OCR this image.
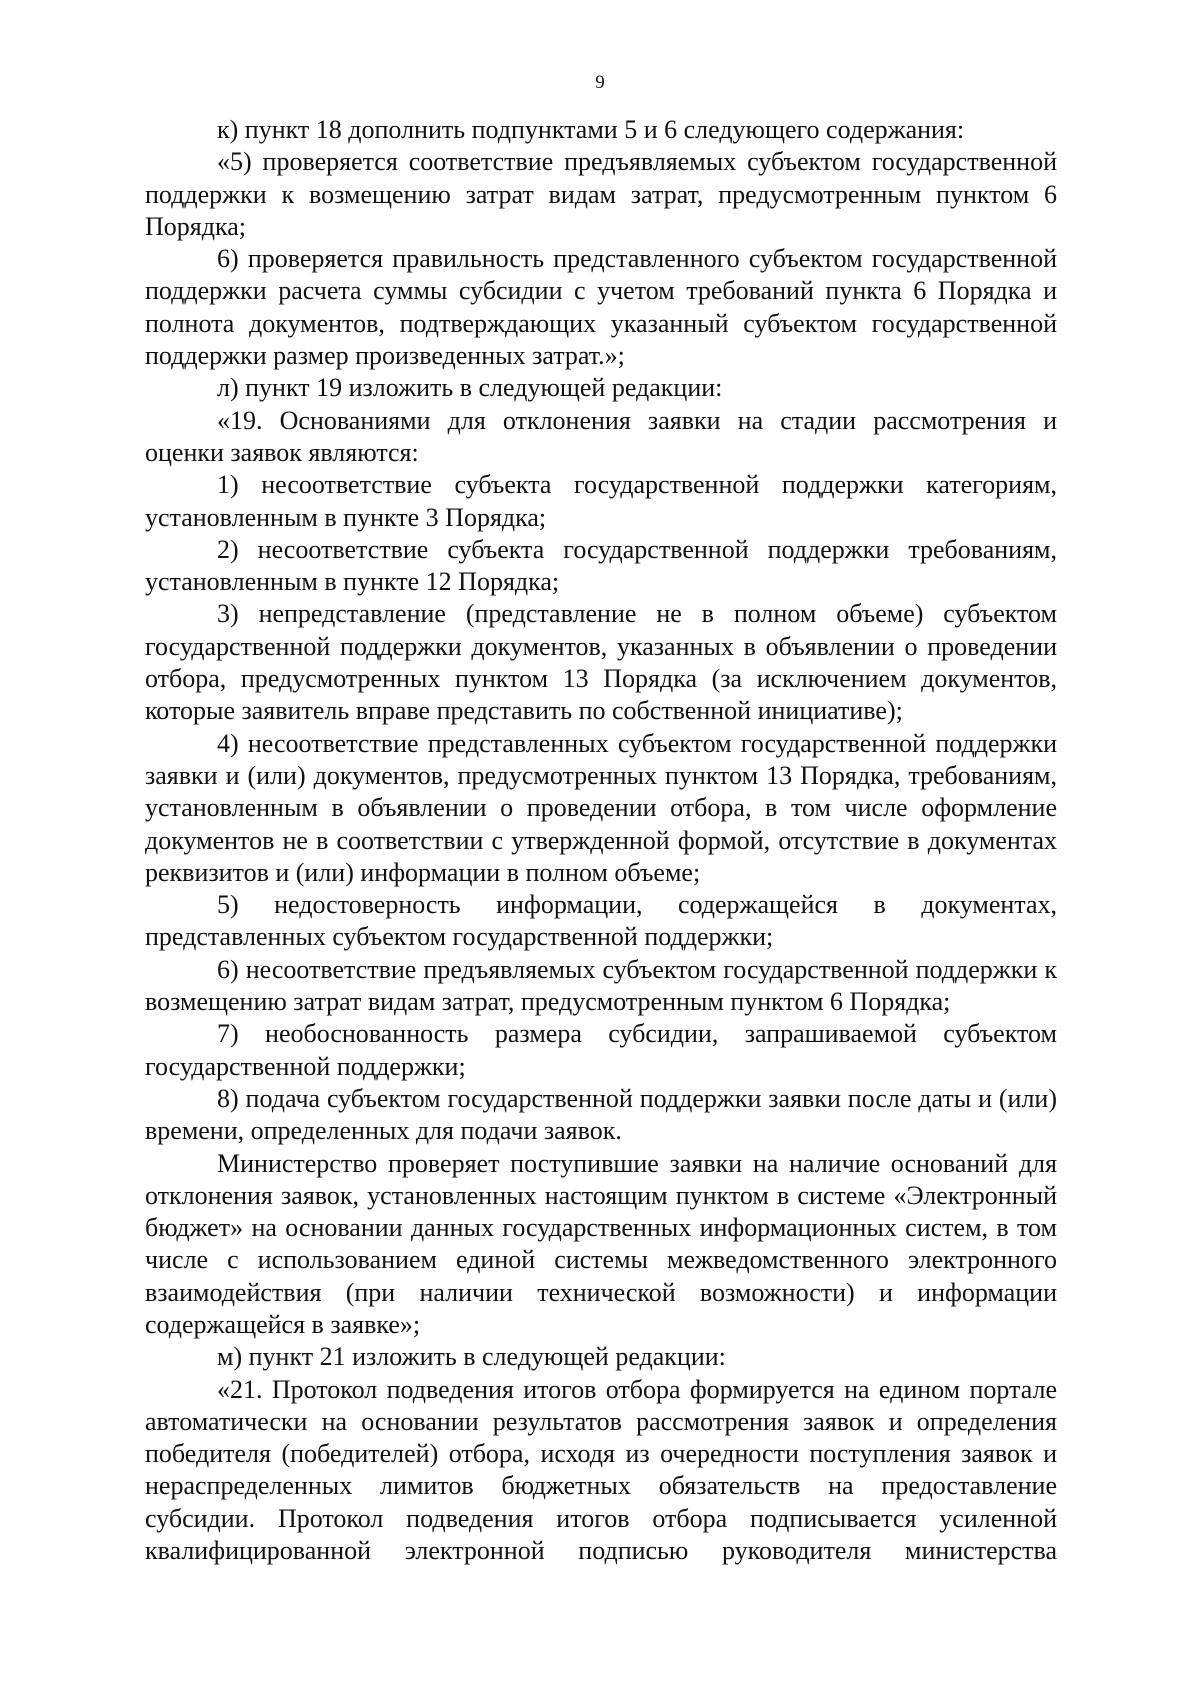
9

к) пункт 18 дополнить подпунктами 5 и 6 следующего содержания:

«5) проверяется соответствие предъявляемых субъектом государственной поддержки к возмещению затрат видам затрат, предусмотренным пунктом 6 Порядка;

6) проверяется правильность представленного субъектом государственной поддержки расчета суммы субсидии с учетом требований пункта 6 Порядка и полнота документов, подтверждающих указанный субъектом государственной поддержки размер произведенных затрат.»;

л) пункт 19 изложить в следующей редакции:

«19. Основаниями для отклонения заявки на стадии рассмотрения и оценки заявок являются:

1) несоответствие субъекта государственной поддержки категориям, установленным в пункте 3 Порядка;

2) несоответствие субъекта государственной поддержки требованиям, установленным в пункте 12 Порядка;

3) непредставление (представление не в полном объеме) субъектом государственной поддержки документов, указанных в объявлении о проведении отбора, предусмотренных пунктом 13 Порядка (за исключением документов, которые заявитель вправе представить по собственной инициативе);

4) несоответствие представленных субъектом государственной поддержки заявки и (или) документов, предусмотренных пунктом 13 Порядка, требованиям, установленным в объявлении о проведении отбора, в том числе оформление документов не в соответствии с утвержденной формой, отсутствие в документах реквизитов и (или) информации в полном объеме;

5) недостоверность информации, содержащейся в документах, представленных субъектом государственной поддержки;

6) несоответствие предъявляемых субъектом государственной поддержки к возмещению затрат видам затрат, предусмотренным пунктом 6 Порядка;

7) необоснованность размера субсидии, запрашиваемой субъектом государственной поддержки;

8) подача субъектом государственной поддержки заявки после даты и (или) времени, определенных для подачи заявок.

Министерство проверяет поступившие заявки на наличие оснований для отклонения заявок, установленных настоящим пунктом в системе «Электронный бюджет» на основании данных государственных информационных систем, в том числе с использованием единой системы межведомственного электронного взаимодействия (при наличии технической возможности) и информации содержащейся в заявке»;

м) пункт 21 изложить в следующей редакции:

«21. Протокол подведения итогов отбора формируется на едином портале автоматически на основании результатов рассмотрения заявок и определения победителя (победителей) отбора, исходя из очередности поступления заявок и нераспределенных лимитов бюджетных обязательств на предоставление субсидии. Протокол подведения итогов отбора подписывается усиленной квалифицированной электронной подписью руководителя министерства
